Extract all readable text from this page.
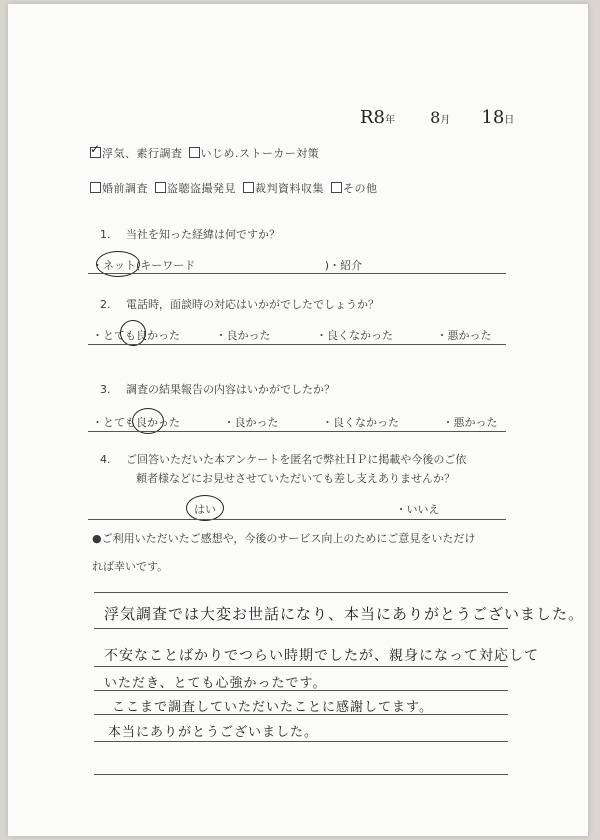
R8年 8月 18日
✓ 浮気、素行調査 いじめ.ストーカー対策
婚前調査 盗聴盗撮発見 裁判資料収集 その他
1. 当社を知った経緯は何ですか？
・ネット(キーワード	)・紹介
2. 電話時，面談時の対応はいかがでしたでしょうか？
・とても良かった	・良かった	・良くなかった	・悪かった
3. 調査の結果報告の内容はいかがでしたか？
・とても良かった	・良かった	・良くなかった	・悪かった
4. ご回答いただいた本アンケートを匿名で弊社ＨＰに掲載や今後のご依
頼者様などにお見せさせていただいても差し支えありませんか？
はい	・いいえ
●ご利用いただいたご感想や，今後のサービス向上のためにご意見をいただけ
れば幸いです。
浮気調査では大変お世話になり、本当にありがとうございました。
不安なことばかりでつらい時期でしたが、親身になって対応して
いただき、とても心強かったです。
ここまで調査していただいたことに感謝してます。
本当にありがとうございました。
